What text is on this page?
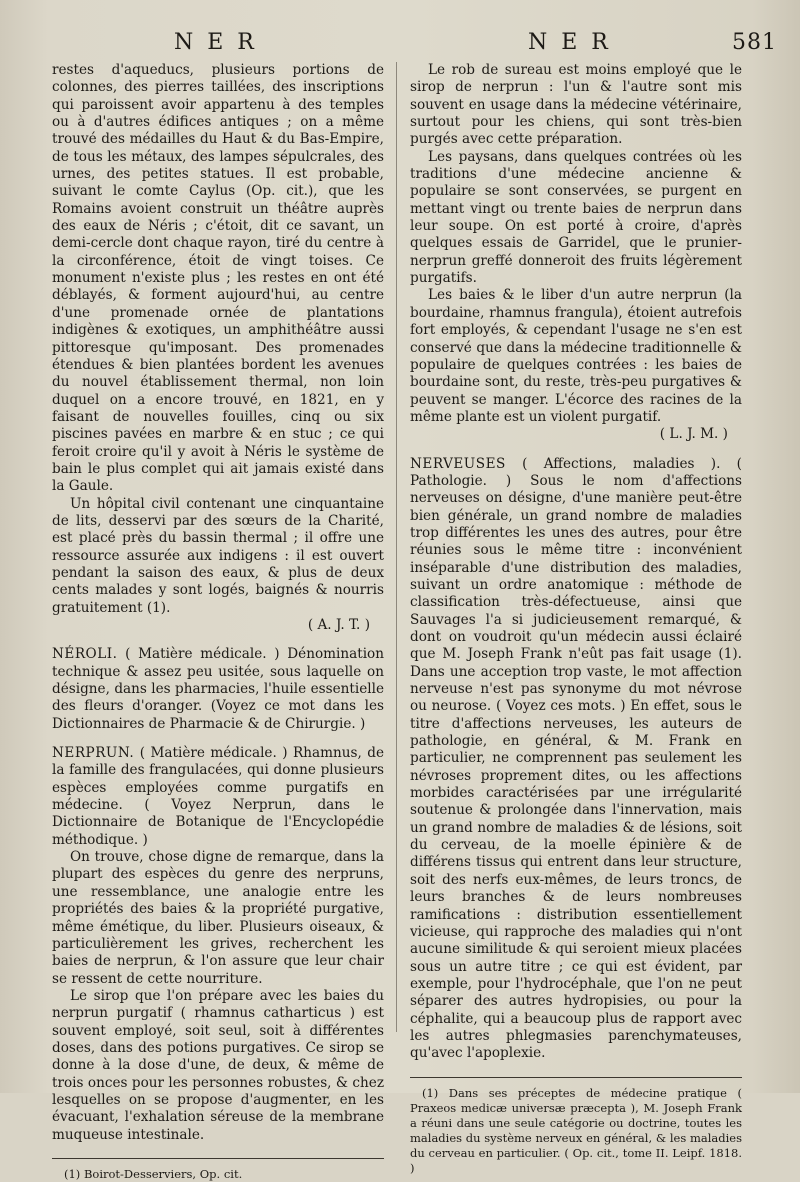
NER	NER	581

restes d'aqueducs, plusieurs portions de colonnes, des pierres taillées, des inscriptions qui paroissent avoir appartenu à des temples ou à d'autres édifices antiques ; on a même trouvé des médailles du Haut & du Bas-Empire, de tous les métaux, des lampes sépulcrales, des urnes, des petites statues. Il est probable, suivant le comte Caylus (Op. cit.), que les Romains avoient construit un théâtre auprès des eaux de Néris ; c'étoit, dit ce savant, un demi-cercle dont chaque rayon, tiré du centre à la circonférence, étoit de vingt toises. Ce monument n'existe plus ; les restes en ont été déblayés, & forment aujourd'hui, au centre d'une promenade ornée de plantations indigènes & exotiques, un amphithéâtre aussi pittoresque qu'imposant. Des promenades étendues & bien plantées bordent les avenues du nouvel établissement thermal, non loin duquel on a encore trouvé, en 1821, en y faisant de nouvelles fouilles, cinq ou six piscines pavées en marbre & en stuc ; ce qui feroit croire qu'il y avoit à Néris le système de bain le plus complet qui ait jamais existé dans la Gaule.

Un hôpital civil contenant une cinquantaine de lits, desservi par des sœurs de la Charité, est placé près du bassin thermal ; il offre une ressource assurée aux indigens : il est ouvert pendant la saison des eaux, & plus de deux cents malades y sont logés, baignés & nourris gratuitement (1).

( A. J. T. )

NÉROLI. ( Matière médicale. ) Dénomination technique & assez peu usitée, sous laquelle on désigne, dans les pharmacies, l'huile essentielle des fleurs d'oranger. (Voyez ce mot dans les Dictionnaires de Pharmacie & de Chirurgie. )

NERPRUN. ( Matière médicale. ) Rhamnus, de la famille des frangulacées, qui donne plusieurs espèces employées comme purgatifs en médecine. ( Voyez Nerprun, dans le Dictionnaire de Botanique de l'Encyclopédie méthodique. )

On trouve, chose digne de remarque, dans la plupart des espèces du genre des nerpruns, une ressemblance, une analogie entre les propriétés des baies & la propriété purgative, même émétique, du liber. Plusieurs oiseaux, & particulièrement les grives, recherchent les baies de nerprun, & l'on assure que leur chair se ressent de cette nourriture.

Le sirop que l'on prépare avec les baies du nerprun purgatif ( rhamnus catharticus ) est souvent employé, soit seul, soit à différentes doses, dans des potions purgatives. Ce sirop se donne à la dose d'une, de deux, & même de trois onces pour les personnes robustes, & chez lesquelles on se propose d'augmenter, en les évacuant, l'exhalation séreuse de la membrane muqueuse intestinale.

(1) Boirot-Desserviers, Op. cit.

Le rob de sureau est moins employé que le sirop de nerprun : l'un & l'autre sont mis souvent en usage dans la médecine vétérinaire, surtout pour les chiens, qui sont très-bien purgés avec cette préparation.

Les paysans, dans quelques contrées où les traditions d'une médecine ancienne & populaire se sont conservées, se purgent en mettant vingt ou trente baies de nerprun dans leur soupe. On est porté à croire, d'après quelques essais de Garridel, que le prunier-nerprun greffé donneroit des fruits légèrement purgatifs.

Les baies & le liber d'un autre nerprun (la bourdaine, rhamnus frangula), étoient autrefois fort employés, & cependant l'usage ne s'en est conservé que dans la médecine traditionnelle & populaire de quelques contrées : les baies de bourdaine sont, du reste, très-peu purgatives & peuvent se manger. L'écorce des racines de la même plante est un violent purgatif.

( L. J. M. )

NERVEUSES ( Affections, maladies ). ( Pathologie. ) Sous le nom d'affections nerveuses on désigne, d'une manière peut-être bien générale, un grand nombre de maladies trop différentes les unes des autres, pour être réunies sous le même titre : inconvénient inséparable d'une distribution des maladies, suivant un ordre anatomique : méthode de classification très-défectueuse, ainsi que Sauvages l'a si judicieusement remarqué, & dont on voudroit qu'un médecin aussi éclairé que M. Joseph Frank n'eût pas fait usage (1). Dans une acception trop vaste, le mot affection nerveuse n'est pas synonyme du mot névrose ou neurose. ( Voyez ces mots. ) En effet, sous le titre d'affections nerveuses, les auteurs de pathologie, en général, & M. Frank en particulier, ne comprennent pas seulement les névroses proprement dites, ou les affections morbides caractérisées par une irrégularité soutenue & prolongée dans l'innervation, mais un grand nombre de maladies & de lésions, soit du cerveau, de la moelle épinière & de différens tissus qui entrent dans leur structure, soit des nerfs eux-mêmes, de leurs troncs, de leurs branches & de leurs nombreuses ramifications : distribution essentiellement vicieuse, qui rapproche des maladies qui n'ont aucune similitude & qui seroient mieux placées sous un autre titre ; ce qui est évident, par exemple, pour l'hydrocéphale, que l'on ne peut séparer des autres hydropisies, ou pour la céphalite, qui a beaucoup plus de rapport avec les autres phlegmasies parenchymateuses, qu'avec l'apoplexie.

(1) Dans ses préceptes de médecine pratique ( Praxeos medicæ universæ præcepta ), M. Joseph Frank a réuni dans une seule catégorie ou doctrine, toutes les maladies du système nerveux en général, & les maladies du cerveau en particulier. ( Op. cit., tome II. Leipf. 1818. )
